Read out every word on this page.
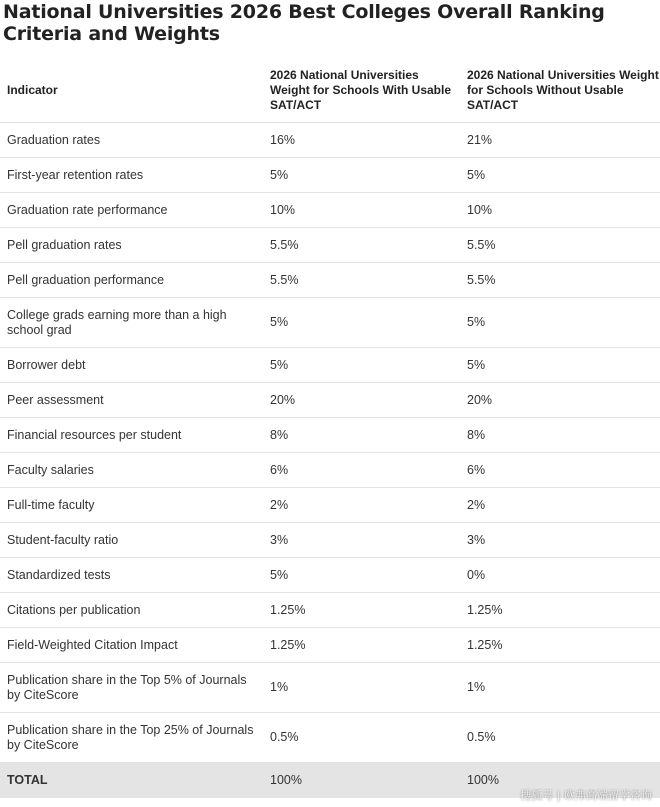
National Universities 2026 Best Colleges Overall Ranking Criteria and Weights
Indicator	2026 National Universities Weight for Schools With Usable SAT/ACT	2026 National Universities Weight for Schools Without Usable SAT/ACT
Graduation rates	16%	21%
First-year retention rates	5%	5%
Graduation rate performance	10%	10%
Pell graduation rates	5.5%	5.5%
Pell graduation performance	5.5%	5.5%
College grads earning more than a high school grad	5%	5%
Borrower debt	5%	5%
Peer assessment	20%	20%
Financial resources per student	8%	8%
Faculty salaries	6%	6%
Full-time faculty	2%	2%
Student-faculty ratio	3%	3%
Standardized tests	5%	0%
Citations per publication	1.25%	1.25%
Field-Weighted Citation Impact	1.25%	1.25%
Publication share in the Top 5% of Journals by CiteScore	1%	1%
Publication share in the Top 25% of Journals by CiteScore	0.5%	0.5%
TOTAL	100%	100%
搜狐号 | 欧弗高端留学咨询
